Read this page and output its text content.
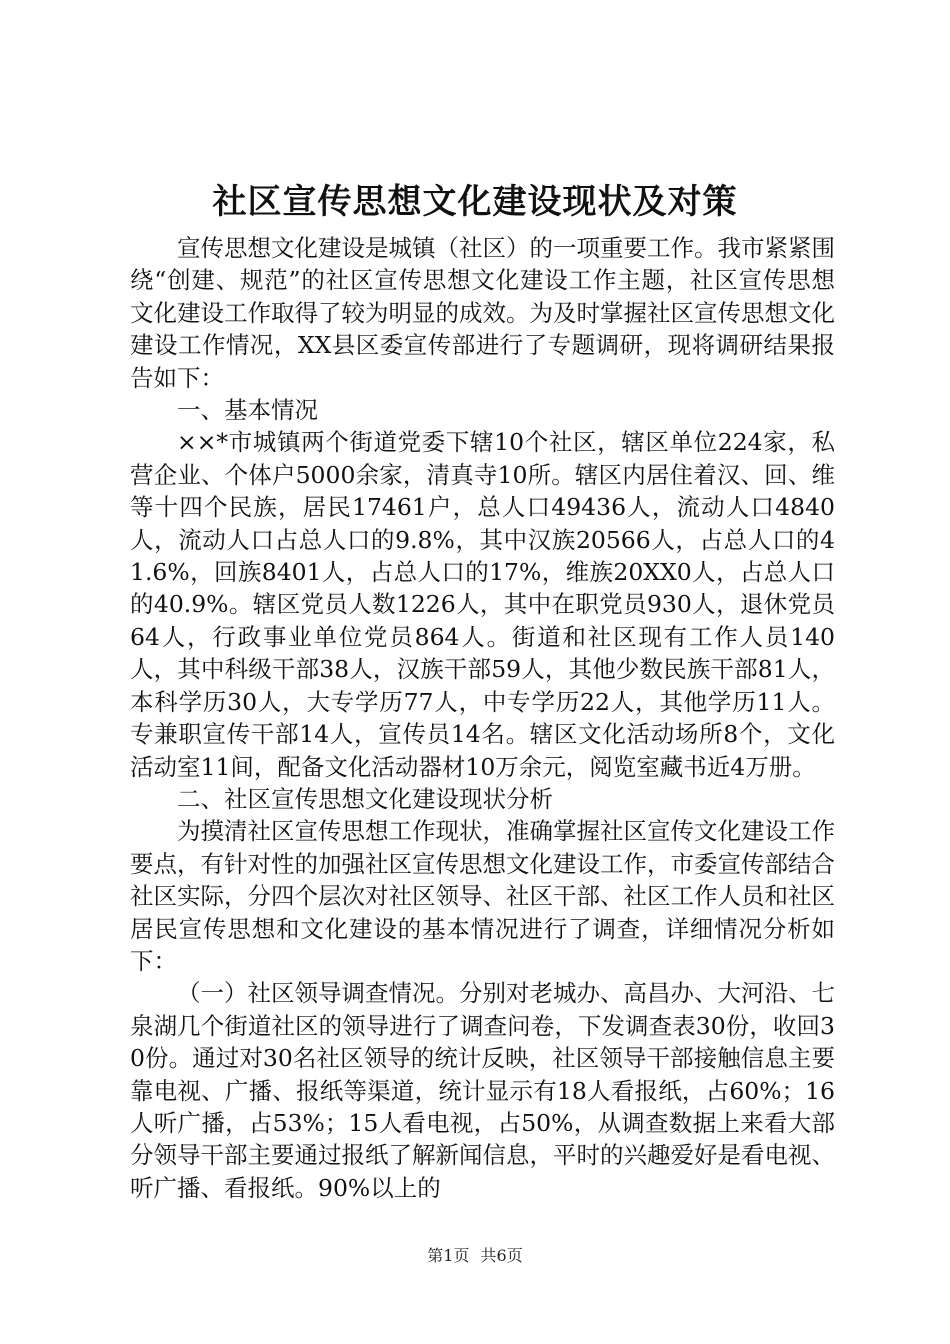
社区宣传思想文化建设现状及对策

宣传思想文化建设是城镇（社区）的一项重要工作。我市紧紧围绕“创建、规范”的社区宣传思想文化建设工作主题，社区宣传思想文化建设工作取得了较为明显的成效。为及时掌握社区宣传思想文化建设工作情况，XX县区委宣传部进行了专题调研，现将调研结果报告如下：

一、基本情况

××*市城镇两个街道党委下辖10个社区，辖区单位224家，私营企业、个体户5000余家，清真寺10所。辖区内居住着汉、回、维等十四个民族，居民17461户，总人口49436人，流动人口4840人，流动人口占总人口的9.8%，其中汉族20566人，占总人口的41.6%，回族8401人，占总人口的17%，维族20XX0人，占总人口的40.9%。辖区党员人数1226人，其中在职党员930人，退休党员64人，行政事业单位党员864人。街道和社区现有工作人员140人，其中科级干部38人，汉族干部59人，其他少数民族干部81人，本科学历30人，大专学历77人，中专学历22人，其他学历11人。专兼职宣传干部14人，宣传员14名。辖区文化活动场所8个，文化活动室11间，配备文化活动器材10万余元，阅览室藏书近4万册。

二、社区宣传思想文化建设现状分析

为摸清社区宣传思想工作现状，准确掌握社区宣传文化建设工作要点，有针对性的加强社区宣传思想文化建设工作，市委宣传部结合社区实际，分四个层次对社区领导、社区干部、社区工作人员和社区居民宣传思想和文化建设的基本情况进行了调查，详细情况分析如下：

（一）社区领导调查情况。分别对老城办、高昌办、大河沿、七泉湖几个街道社区的领导进行了调查问卷，下发调查表30份，收回30份。通过对30名社区领导的统计反映，社区领导干部接触信息主要靠电视、广播、报纸等渠道，统计显示有18人看报纸，占60%；16人听广播，占53%；15人看电视，占50%，从调查数据上来看大部分领导干部主要通过报纸了解新闻信息，平时的兴趣爱好是看电视、听广播、看报纸。90%以上的

第1页 共6页
